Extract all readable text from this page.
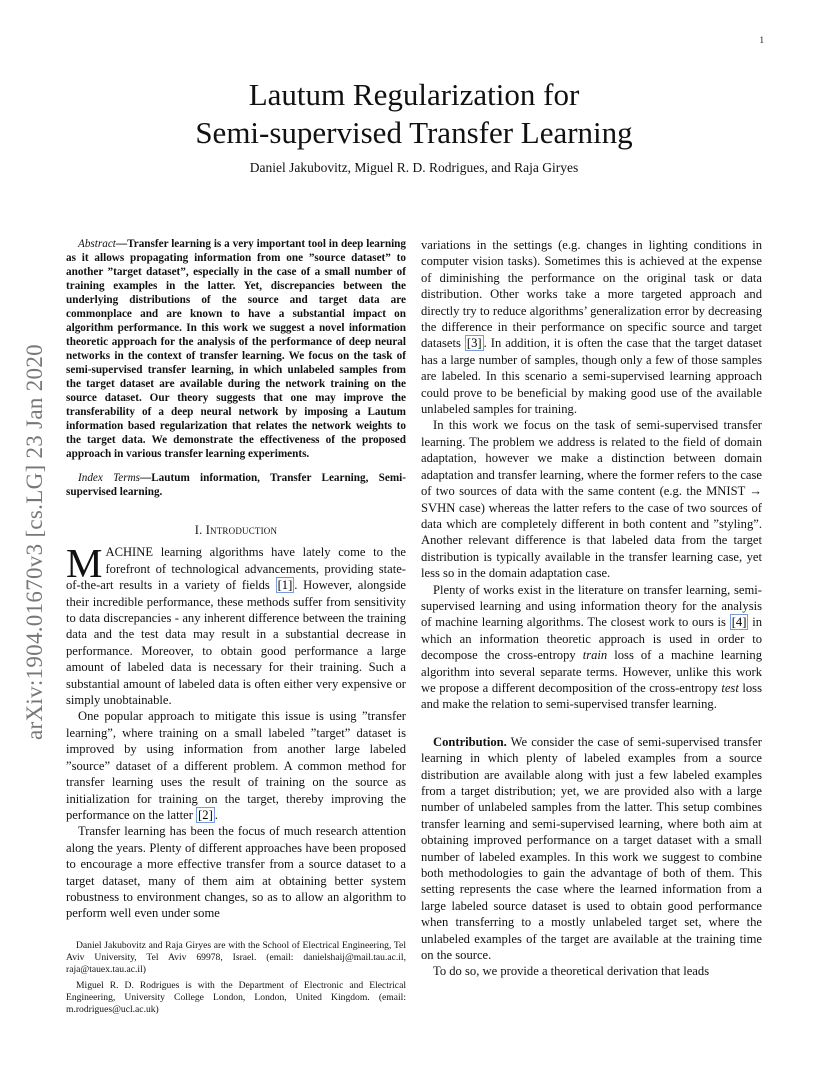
1
arXiv:1904.01670v3 [cs.LG] 23 Jan 2020
Lautum Regularization for
Semi-supervised Transfer Learning
Daniel Jakubovitz, Miguel R. D. Rodrigues, and Raja Giryes

Abstract—Transfer learning is a very important tool in deep learning as it allows propagating information from one ”source dataset” to another ”target dataset”, especially in the case of a small number of training examples in the latter. Yet, discrepancies between the underlying distributions of the source and target data are commonplace and are known to have a substantial impact on algorithm performance. In this work we suggest a novel information theoretic approach for the analysis of the performance of deep neural networks in the context of transfer learning. We focus on the task of semi-supervised transfer learning, in which unlabeled samples from the target dataset are available during the network training on the source dataset. Our theory suggests that one may improve the transferability of a deep neural network by imposing a Lautum information based regularization that relates the network weights to the target data. We demonstrate the effectiveness of the proposed approach in various transfer learning experiments.

Index Terms—Lautum information, Transfer Learning, Semi-supervised learning.

I. Introduction

MACHINE learning algorithms have lately come to the forefront of technological advancements, providing state-of-the-art results in a variety of fields [1] . However, alongside their incredible performance, these methods suffer from sensitivity to data discrepancies - any inherent difference between the training data and the test data may result in a substantial decrease in performance. Moreover, to obtain good performance a large amount of labeled data is necessary for their training. Such a substantial amount of labeled data is often either very expensive or simply unobtainable.

One popular approach to mitigate this issue is using ”transfer learning”, where training on a small labeled ”target” dataset is improved by using information from another large labeled ”source” dataset of a different problem. A common method for transfer learning uses the result of training on the source as initialization for training on the target, thereby improving the performance on the latter [2] .

Transfer learning has been the focus of much research attention along the years. Plenty of different approaches have been proposed to encourage a more effective transfer from a source dataset to a target dataset, many of them aim at obtaining better system robustness to environment changes, so as to allow an algorithm to perform well even under some

Daniel Jakubovitz and Raja Giryes are with the School of Electrical Engineering, Tel Aviv University, Tel Aviv 69978, Israel. (email: danielshaij@mail.tau.ac.il, raja@tauex.tau.ac.il)

Miguel R. D. Rodrigues is with the Department of Electronic and Electrical Engineering, University College London, London, United Kingdom. (email: m.rodrigues@ucl.ac.uk)

variations in the settings (e.g. changes in lighting conditions in computer vision tasks). Sometimes this is achieved at the expense of diminishing the performance on the original task or data distribution. Other works take a more targeted approach and directly try to reduce algorithms’ generalization error by decreasing the difference in their performance on specific source and target datasets [3] . In addition, it is often the case that the target dataset has a large number of samples, though only a few of those samples are labeled. In this scenario a semi-supervised learning approach could prove to be beneficial by making good use of the available unlabeled samples for training.

In this work we focus on the task of semi-supervised transfer learning. The problem we address is related to the field of domain adaptation, however we make a distinction between domain adaptation and transfer learning, where the former refers to the case of two sources of data with the same content (e.g. the MNIST → SVHN case) whereas the latter refers to the case of two sources of data which are completely different in both content and ”styling”. Another relevant difference is that labeled data from the target distribution is typically available in the transfer learning case, yet less so in the domain adaptation case.

Plenty of works exist in the literature on transfer learning, semi-supervised learning and using information theory for the analysis of machine learning algorithms. The closest work to ours is [4] in which an information theoretic approach is used in order to decompose the cross-entropy train loss of a machine learning algorithm into several separate terms. However, unlike this work we propose a different decomposition of the cross-entropy test loss and make the relation to semi-supervised transfer learning.

Contribution. We consider the case of semi-supervised transfer learning in which plenty of labeled examples from a source distribution are available along with just a few labeled examples from a target distribution; yet, we are provided also with a large number of unlabeled samples from the latter. This setup combines transfer learning and semi-supervised learning, where both aim at obtaining improved performance on a target dataset with a small number of labeled examples. In this work we suggest to combine both methodologies to gain the advantage of both of them. This setting represents the case where the learned information from a large labeled source dataset is used to obtain good performance when transferring to a mostly unlabeled target set, where the unlabeled examples of the target are available at the training time on the source.

To do so, we provide a theoretical derivation that leads
